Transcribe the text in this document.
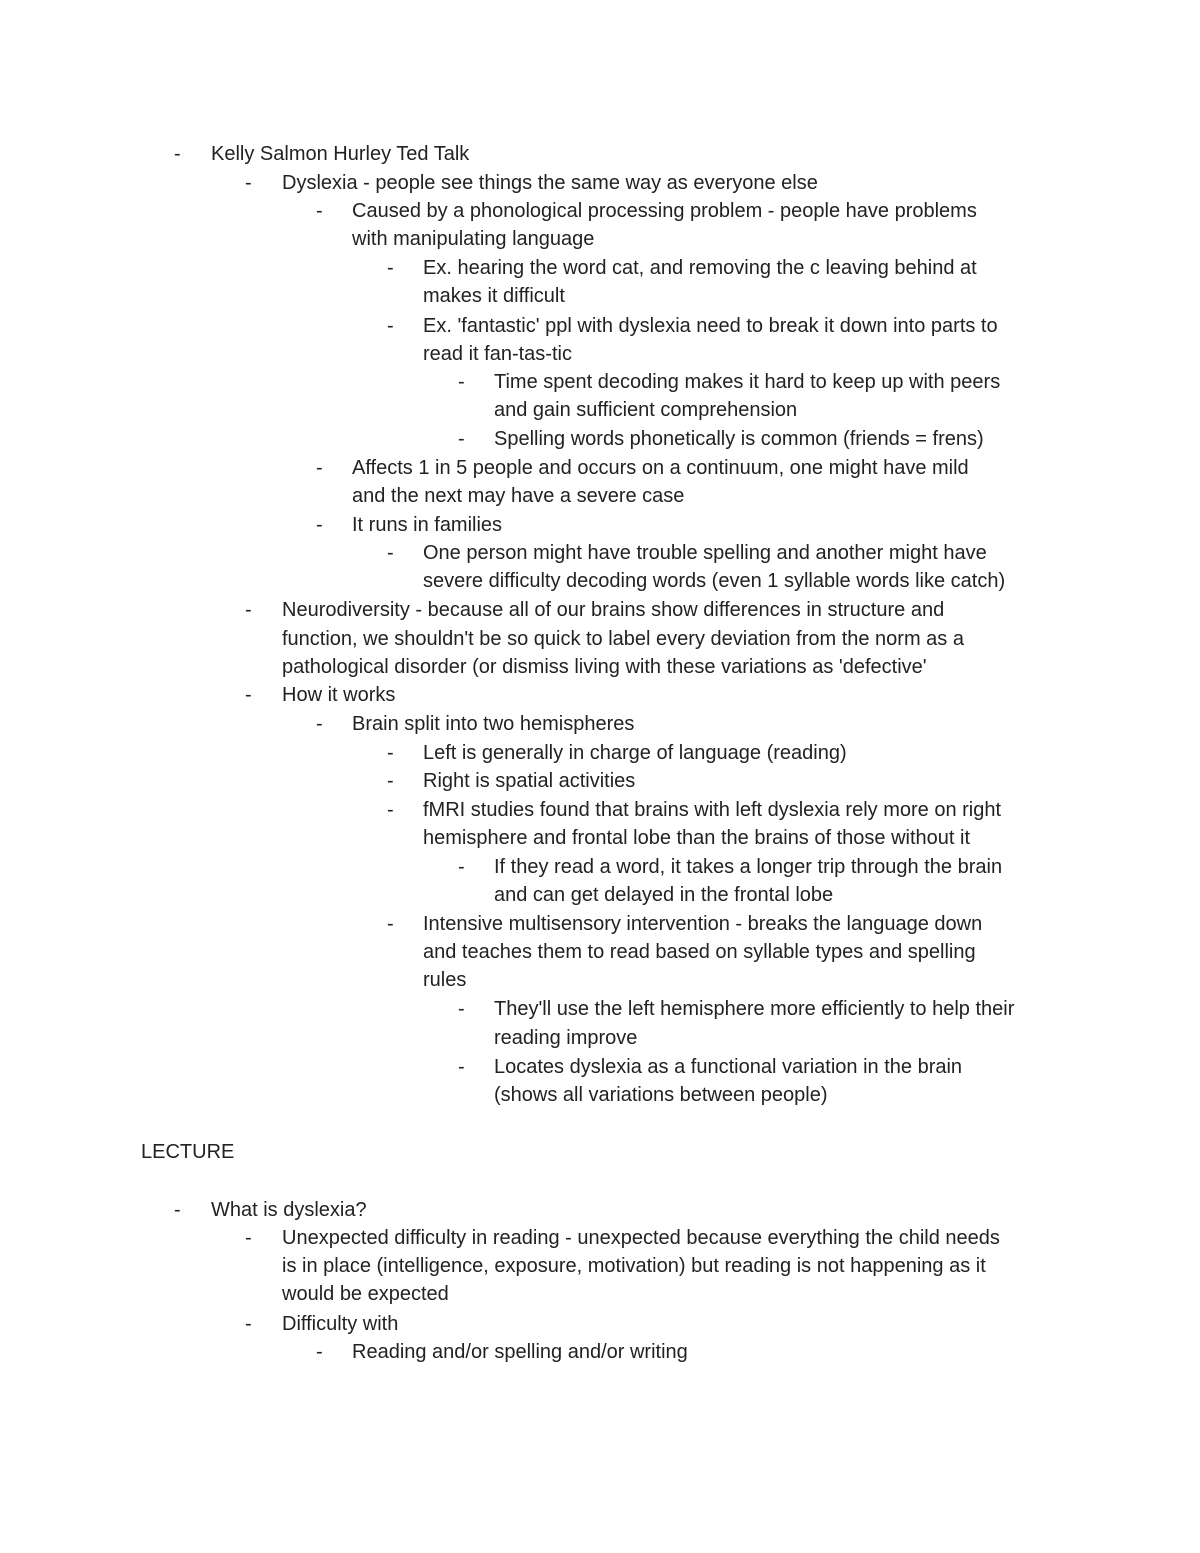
- Kelly Salmon Hurley Ted Talk
- Dyslexia - people see things the same way as everyone else
- Caused by a phonological processing problem - people have problems
with manipulating language
- Ex. hearing the word cat, and removing the c leaving behind at
makes it difficult
- Ex. 'fantastic' ppl with dyslexia need to break it down into parts to
read it fan-tas-tic
- Time spent decoding makes it hard to keep up with peers
and gain sufficient comprehension
- Spelling words phonetically is common (friends = frens)
- Affects 1 in 5 people and occurs on a continuum, one might have mild
and the next may have a severe case
- It runs in families
- One person might have trouble spelling and another might have
severe difficulty decoding words (even 1 syllable words like catch)
- Neurodiversity - because all of our brains show differences in structure and
function, we shouldn't be so quick to label every deviation from the norm as a
pathological disorder (or dismiss living with these variations as 'defective'
- How it works
- Brain split into two hemispheres
- Left is generally in charge of language (reading)
- Right is spatial activities
- fMRI studies found that brains with left dyslexia rely more on right
hemisphere and frontal lobe than the brains of those without it
- If they read a word, it takes a longer trip through the brain
and can get delayed in the frontal lobe
- Intensive multisensory intervention - breaks the language down
and teaches them to read based on syllable types and spelling
rules
- They'll use the left hemisphere more efficiently to help their
reading improve
- Locates dyslexia as a functional variation in the brain
(shows all variations between people)
LECTURE
- What is dyslexia?
- Unexpected difficulty in reading - unexpected because everything the child needs
is in place (intelligence, exposure, motivation) but reading is not happening as it
would be expected
- Difficulty with
- Reading and/or spelling and/or writing
